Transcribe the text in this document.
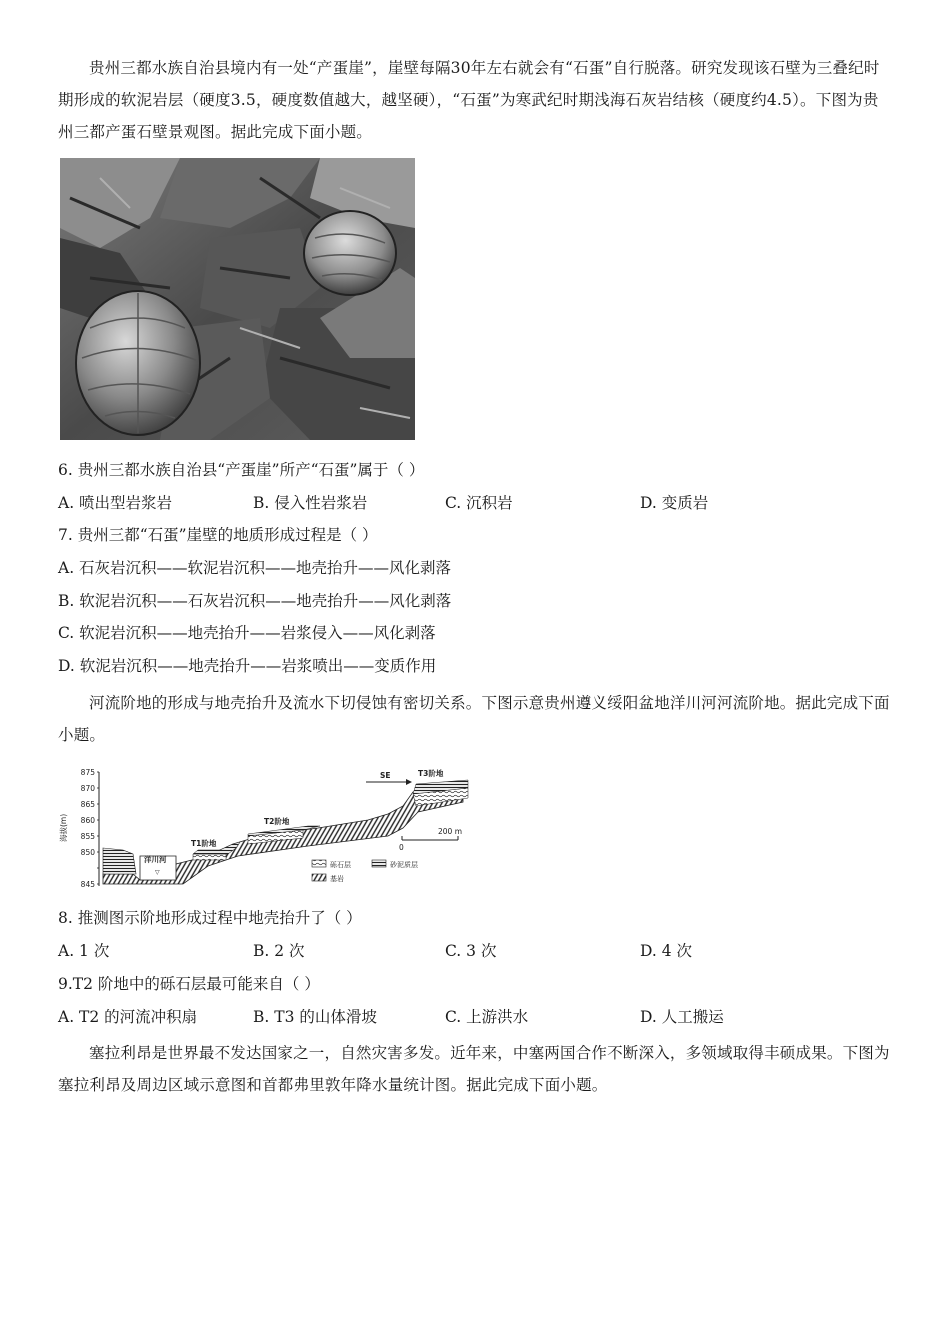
贵州三都水族自治县境内有一处“产蛋崖”，崖壁每隔30年左右就会有“石蛋”自行脱落。研究发现该石壁为三叠纪时期形成的软泥岩层（硬度3.5，硬度数值越大，越坚硬），“石蛋”为寒武纪时期浅海石灰岩结核（硬度约4.5）。下图为贵州三都产蛋石壁景观图。据此完成下面小题。

6. 贵州三都水族自治县“产蛋崖”所产“石蛋”属于（ ）
A. 喷出型岩浆岩	B. 侵入性岩浆岩	C. 沉积岩	D. 变质岩
7. 贵州三都“石蛋”崖壁的地质形成过程是（ ）
A. 石灰岩沉积——软泥岩沉积——地壳抬升——风化剥落
B. 软泥岩沉积——石灰岩沉积——地壳抬升——风化剥落
C. 软泥岩沉积——地壳抬升——岩浆侵入——风化剥落
D. 软泥岩沉积——地壳抬升——岩浆喷出——变质作用

河流阶地的形成与地壳抬升及流水下切侵蚀有密切关系。下图示意贵州遵义绥阳盆地洋川河河流阶地。据此完成下面小题。

875
870
865
860
855
850
845
海拔(m)
洋川河
▽
T1阶地
T2阶地
T3阶地
SE
0
200 m
砾石层	砂泥质层
基岩
8. 推测图示阶地形成过程中地壳抬升了（ ）
A. 1 次	B. 2 次	C. 3 次	D. 4 次
9.T2 阶地中的砾石层最可能来自（ ）
A. T2 的河流冲积扇	B. T3 的山体滑坡	C. 上游洪水	D. 人工搬运

塞拉利昂是世界最不发达国家之一，自然灾害多发。近年来，中塞两国合作不断深入，多领域取得丰硕成果。下图为塞拉利昂及周边区域示意图和首都弗里敦年降水量统计图。据此完成下面小题。
